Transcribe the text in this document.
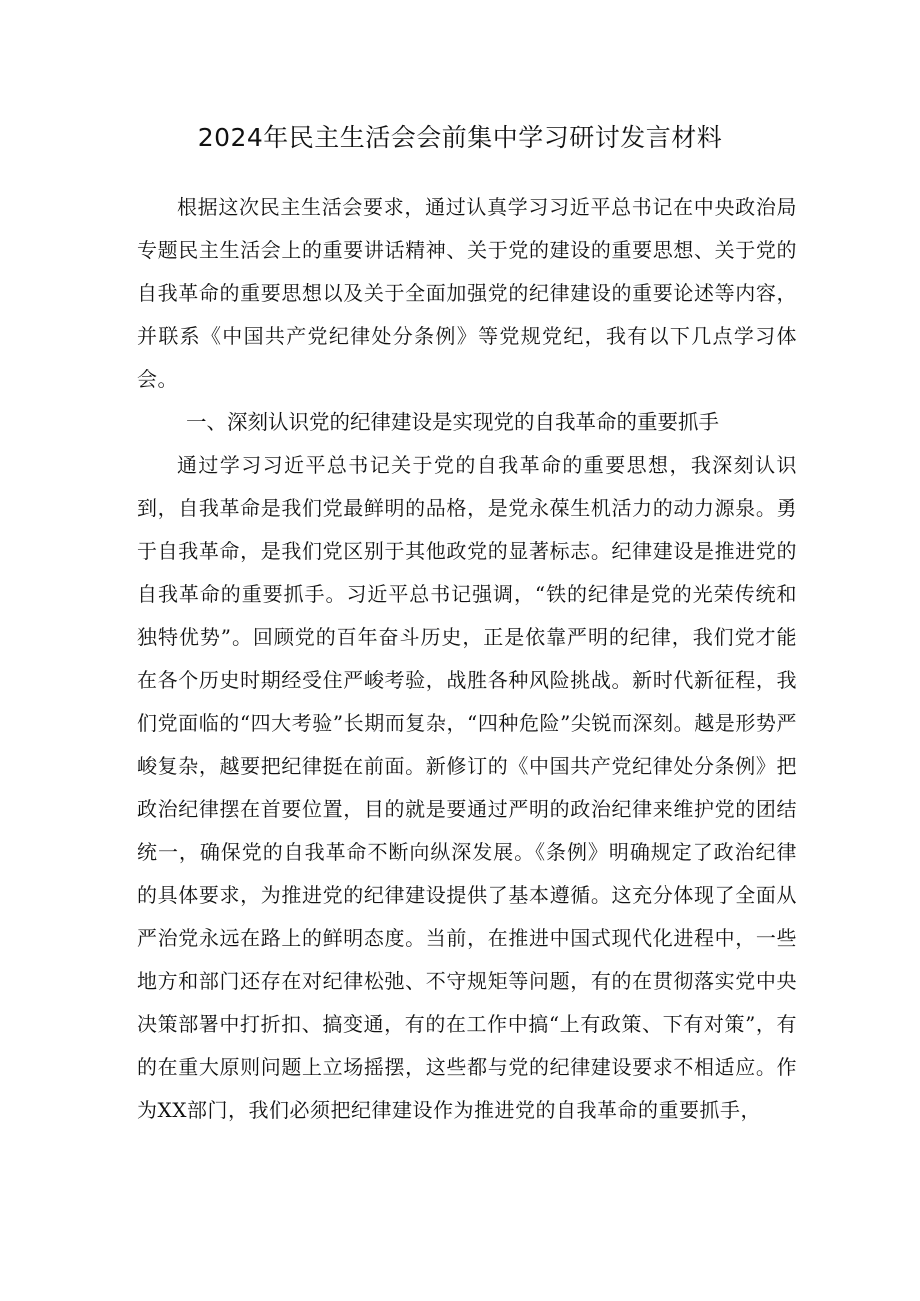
2024年民主生活会会前集中学习研讨发言材料

根据这次民主生活会要求，通过认真学习习近平总书记在中央政治局专题民主生活会上的重要讲话精神、关于党的建设的重要思想、关于党的自我革命的重要思想以及关于全面加强党的纪律建设的重要论述等内容，并联系《中国共产党纪律处分条例》等党规党纪，我有以下几点学习体会。

一、深刻认识党的纪律建设是实现党的自我革命的重要抓手

通过学习习近平总书记关于党的自我革命的重要思想，我深刻认识到，自我革命是我们党最鲜明的品格，是党永葆生机活力的动力源泉。勇于自我革命，是我们党区别于其他政党的显著标志。纪律建设是推进党的自我革命的重要抓手。习近平总书记强调，“铁的纪律是党的光荣传统和独特优势”。回顾党的百年奋斗历史，正是依靠严明的纪律，我们党才能在各个历史时期经受住严峻考验，战胜各种风险挑战。新时代新征程，我们党面临的“四大考验”长期而复杂，“四种危险”尖锐而深刻。越是形势严峻复杂，越要把纪律挺在前面。新修订的《中国共产党纪律处分条例》把政治纪律摆在首要位置，目的就是要通过严明的政治纪律来维护党的团结统一，确保党的自我革命不断向纵深发展。《条例》明确规定了政治纪律的具体要求，为推进党的纪律建设提供了基本遵循。这充分体现了全面从严治党永远在路上的鲜明态度。当前，在推进中国式现代化进程中，一些地方和部门还存在对纪律松弛、不守规矩等问题，有的在贯彻落实党中央决策部署中打折扣、搞变通，有的在工作中搞“上有政策、下有对策”，有的在重大原则问题上立场摇摆，这些都与党的纪律建设要求不相适应。作为XX部门，我们必须把纪律建设作为推进党的自我革命的重要抓手，
